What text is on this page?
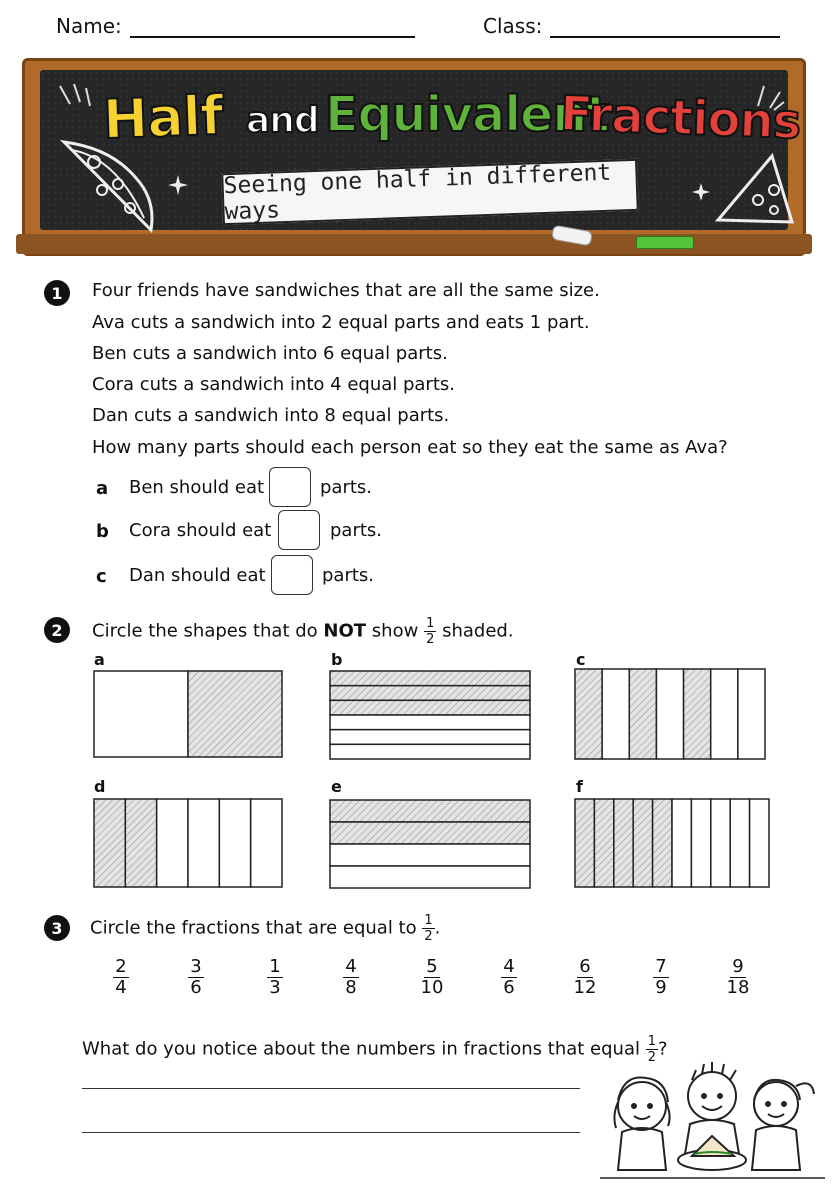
Name:	Class:
Half and Equivalent
Fractions
Seeing one half in different ways
1	Four friends have sandwiches that are all the same size.
Ava cuts a sandwich into 2 equal parts and eats 1 part.
Ben cuts a sandwich into 6 equal parts.
Cora cuts a sandwich into 4 equal parts.
Dan cuts a sandwich into 8 equal parts.
How many parts should each person eat so they eat the same as Ava?
a Ben should eat	parts.
b Cora should eat	parts.
c Dan should eat	parts.
2	Circle the shapes that do NOT show $\frac{1}{2}$ shaded.
a	b	c
d	e	f
3	Circle the fractions that are equal to $\frac{1}{2}$ .
$\frac{2}{4}$	$\frac{3}{6}$	$\frac{1}{3}$	$\frac{4}{8}$	$\frac{5}{10}$	$\frac{4}{6}$	$\frac{6}{12}$	$\frac{7}{9}$	$\frac{9}{18}$
What do you notice about the numbers in fractions that equal $\frac{1}{2}$ ?
